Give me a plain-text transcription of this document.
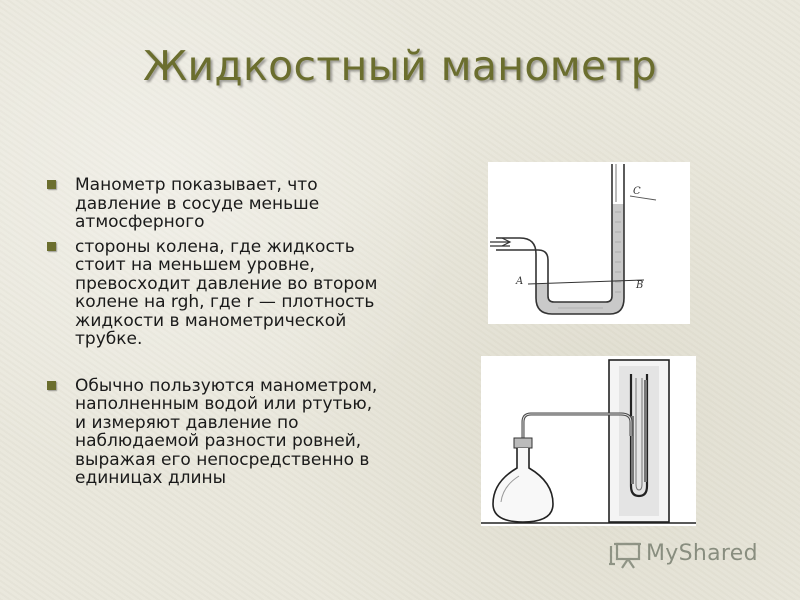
Жидкостный манометр
Манометр показывает, что давление в сосуде меньше атмосферного
стороны колена, где жидкость стоит на меньшем уровне, превосходит давление во втором колене на rgh, где r — плотность жидкости в манометрической трубке.
Обычно пользуются манометром, наполненным водой или ртутью, и измеряют давление по наблюдаемой разности ровней, выражая его непосредственно в единицах длины
A	B
C
MyShared
